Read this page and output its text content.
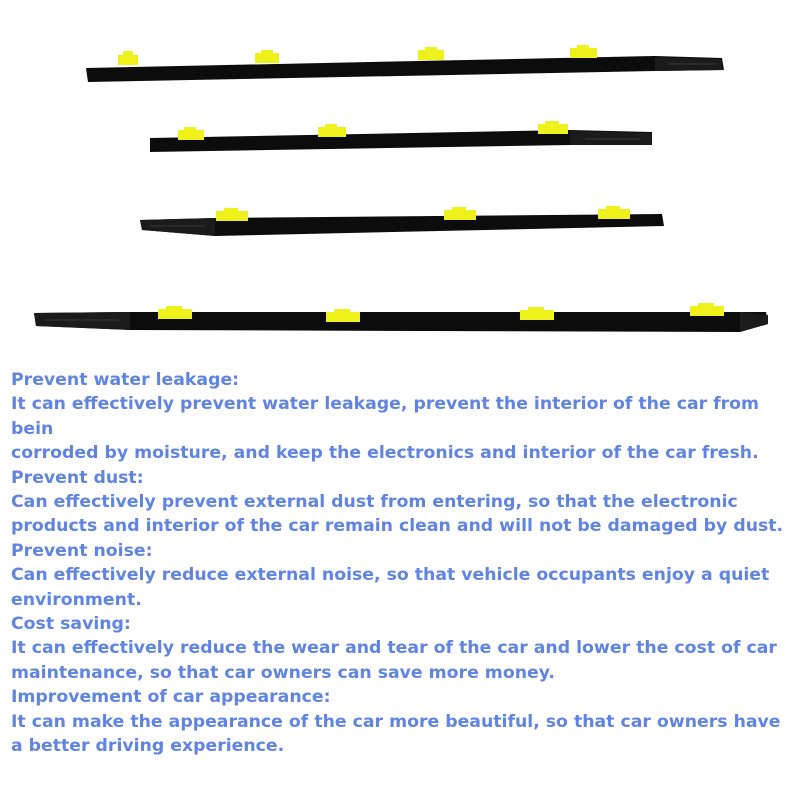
Prevent water leakage:

It can effectively prevent water leakage, prevent the interior of the car from bein

corroded by moisture, and keep the electronics and interior of the car fresh.

Prevent dust:

Can effectively prevent external dust from entering, so that the electronic

products and interior of the car remain clean and will not be damaged by dust.

Prevent noise:

Can effectively reduce external noise, so that vehicle occupants enjoy a quiet

environment.

Cost saving:

It can effectively reduce the wear and tear of the car and lower the cost of car

maintenance, so that car owners can save more money.

Improvement of car appearance:

It can make the appearance of the car more beautiful, so that car owners have

a better driving experience.
